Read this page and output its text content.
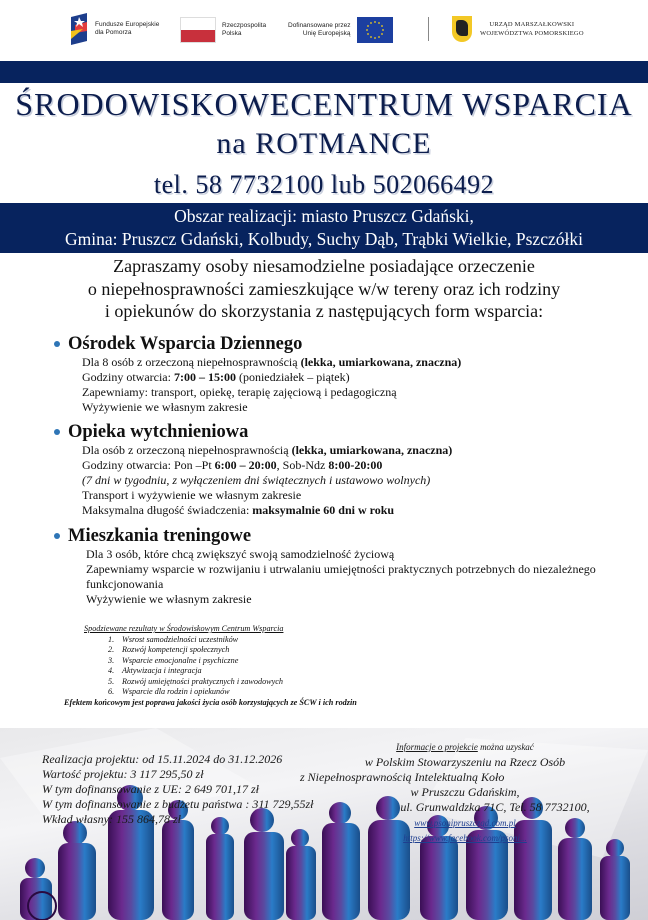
Fundusze Europejskie
dla Pomorza
Rzeczpospolita
Polska
Dofinansowane przez
Unię Europejską
URZĄD MARSZAŁKOWSKI
WOJEWÓDZTWA POMORSKIEGO
ŚRODOWISKOWECENTRUM WSPARCIA
na ROTMANCE
tel. 58 7732100 lub 502066492
Obszar realizacji: miasto Pruszcz Gdański,
Gmina: Pruszcz Gdański, Kolbudy, Suchy Dąb, Trąbki Wielkie, Pszczółki
Zapraszamy osoby niesamodzielne posiadające orzeczenie
o niepełnosprawności zamieszkujące w/w tereny oraz ich rodziny
i opiekunów do skorzystania z następujących form wsparcia:
Ośrodek Wsparcia Dziennego
Dla 8 osób z orzeczoną niepełnosprawnością (lekka, umiarkowana, znaczna)
Godziny otwarcia: 7:00 – 15:00 (poniedziałek – piątek)
Zapewniamy: transport, opiekę, terapię zajęciową i pedagogiczną
Wyżywienie we własnym zakresie
Opieka wytchnieniowa
Dla osób z orzeczoną niepełnosprawnością (lekka, umiarkowana, znaczna)
Godziny otwarcia: Pon –Pt 6:00 – 20:00, Sob-Ndz 8:00-20:00
(7 dni w tygodniu, z wyłączeniem dni świątecznych i ustawowo wolnych)
Transport i wyżywienie we własnym zakresie
Maksymalna długość świadczenia: maksymalnie 60 dni w roku
Mieszkania treningowe
Dla 3 osób, które chcą zwiększyć swoją samodzielność życiową
Zapewniamy wsparcie w rozwijaniu i utrwalaniu umiejętności praktycznych potrzebnych do niezależnego funkcjonowania
Wyżywienie we własnym zakresie
Spodziewane rezultaty w Środowiskowym Centrum Wsparcia
1. Wsrost samodzielności uczestników
2. Rozwój kompetencji społecznych
3. Wsparcie emocjonalne i psychiczne
4. Aktywizacja i integracja
5. Rozwój umiejętności praktycznych i zawodowych
6. Wsparcie dla rodzin i opiekunów
Efektem końcowym jest poprawa jakości życia osób korzystających ze ŚCW i ich rodzin
Realizacja projektu: od 15.11.2024 do 31.12.2026
Wartość projektu: 3 117 295,50 zł
W tym dofinansowanie z UE: 2 649 701,17 zł
W tym dofinansowanie z budżetu państwa : 311 729,55zł
Wkład własny: 155 864,78 zł
Informacje o projekcie można uzyskać
w Polskim Stowarzyszeniu na Rzecz Osób
z Niepełnosprawnością Intelektualną Koło
w Pruszczu Gdańskim,
ul. Grunwaldzka 71C, Tel. 58 7732100,
www.psonipruszczgd.com.pl
https://www.facebook.com/psoni...
